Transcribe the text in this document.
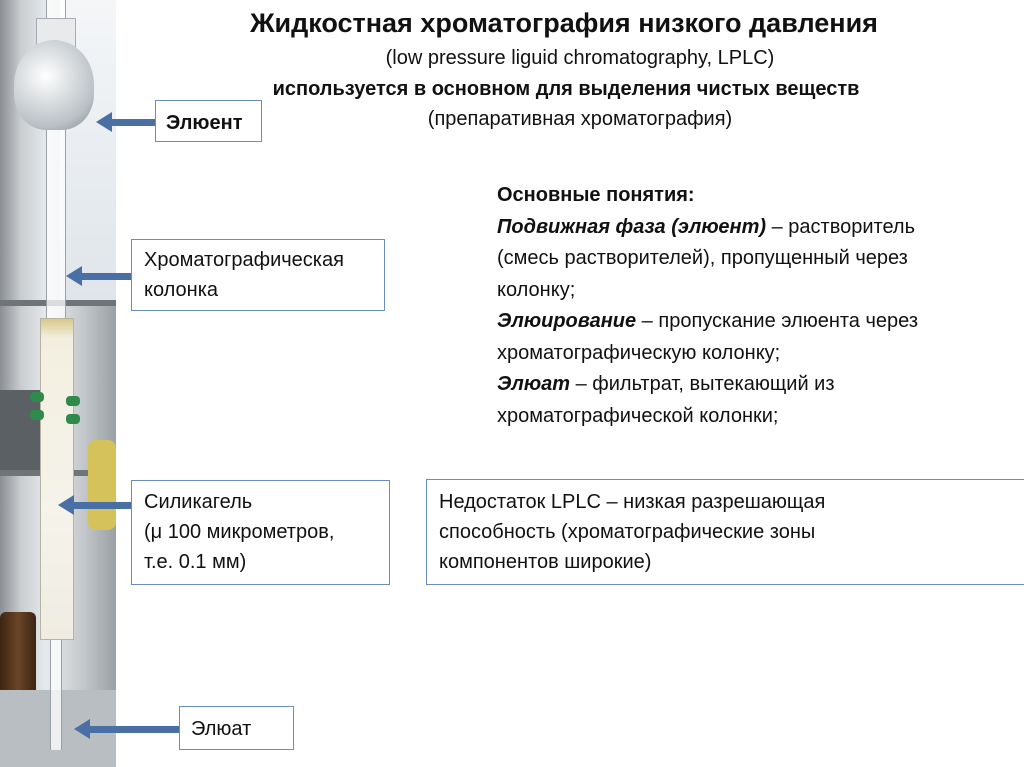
Жидкостная хроматография низкого давления
(low pressure liguid chromatography, LPLC)
используется в основном для выделения чистых веществ
(препаративная хроматография)
Элюент
Хроматографическая
колонка
Силикагель
(μ 100 микрометров,
т.е. 0.1 мм)
Элюат
Основные понятия:
Подвижная фаза (элюент) – растворитель
(смесь растворителей), пропущенный через
колонку;
Элюирование – пропускание элюента через
хроматографическую колонку;
Элюат – фильтрат, вытекающий из
хроматографической колонки;
Недостаток LPLC – низкая разрешающая
способность (хроматографические зоны
компонентов широкие)
